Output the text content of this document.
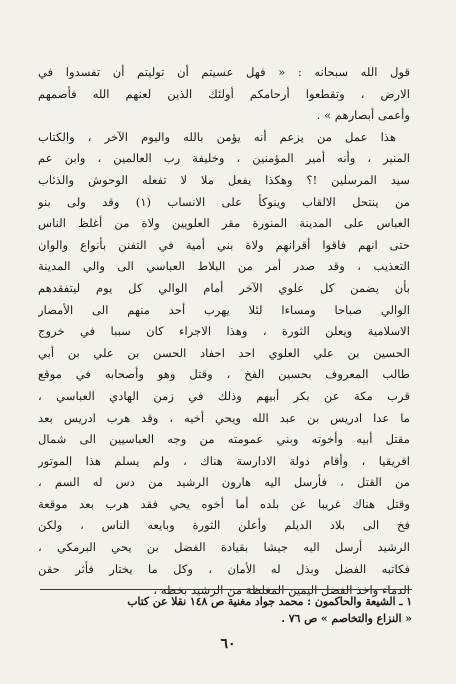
قول الله سبحانه : « فهل عسيتم أن توليتم أن تفسدوا في
الارض ، وتقطعوا أرحامكم أولئك الذين لعنهم الله فأصمهم
وأعمى أبصارهم » .
هذا عمل من يزعم أنه يؤمن بالله واليوم الآخر ، والكتاب
المنير ، وأنه أمير المؤمنين ، وخليفة رب العالمين ، وابن عم
سيد المرسلين !؟ وهكذا يفعل ملا لا تفعله الوحوش والذئاب
من ينتحل الالقاب وينوكأ على الانساب (١) وقد ولى بنو
العباس على المدينة المنورة مقر العلويين ولاة من أغلظ الناس
حتى انهم فاقوا أقرانهم ولاة بني أمية في التفنن بأنواع والوان
التعذيب ، وقد صدر أمر من البلاط العباسي الى والي المدينة
بأن يضمن كل علوي الآخر أمام الوالي كل يوم ليتفقدهم
الوالي صباحا ومساءا لئلا يهرب أحد منهم الى الأمصار
الاسلامية ويعلن الثورة ، وهذا الاجراء كان سببا في خروج
الحسين بن علي العلوي احد احفاد الحسن بن علي بن أبي
طالب المعروف بحسين الفخ ، وقتل وهو وأصحابه في موقع
قرب مكة عن بكر أبيهم وذلك في زمن الهادي العباسي ،
ما عدا ادريس بن عبد الله ويحي أخيه ، وقد هرب ادريس بعد
مقتل أبيه وأخوته وبني عمومته من وجه العباسيين الى شمال
افريقيا ، وأقام دولة الادارسة هناك ، ولم يسلم هذا الموتور
من القتل ، فأرسل اليه هارون الرشيد من دس له السم ،
وقتل هناك غريبا عن بلده أما أخوه يحي فقد هرب بعد موقعة
فخ الى بلاد الديلم وأعلن الثورة وبايعه الناس ، ولكن
الرشيد أرسل اليه جيشا بقيادة الفضل بن يحي البرمكي ،
فكاتبه الفضل وبذل له الأمان ، وكل ما يختار فأثر حقن
الدماء واخذ الفضل اليمين المغلظة من الرشيد بخطه ،
١ ـ الشيعة والحاكمون : محمد جواد مغنية ص ١٤٨ نقلا عن كتاب
« النزاع والتخاصم » ص ٧٦ .
٦٠
